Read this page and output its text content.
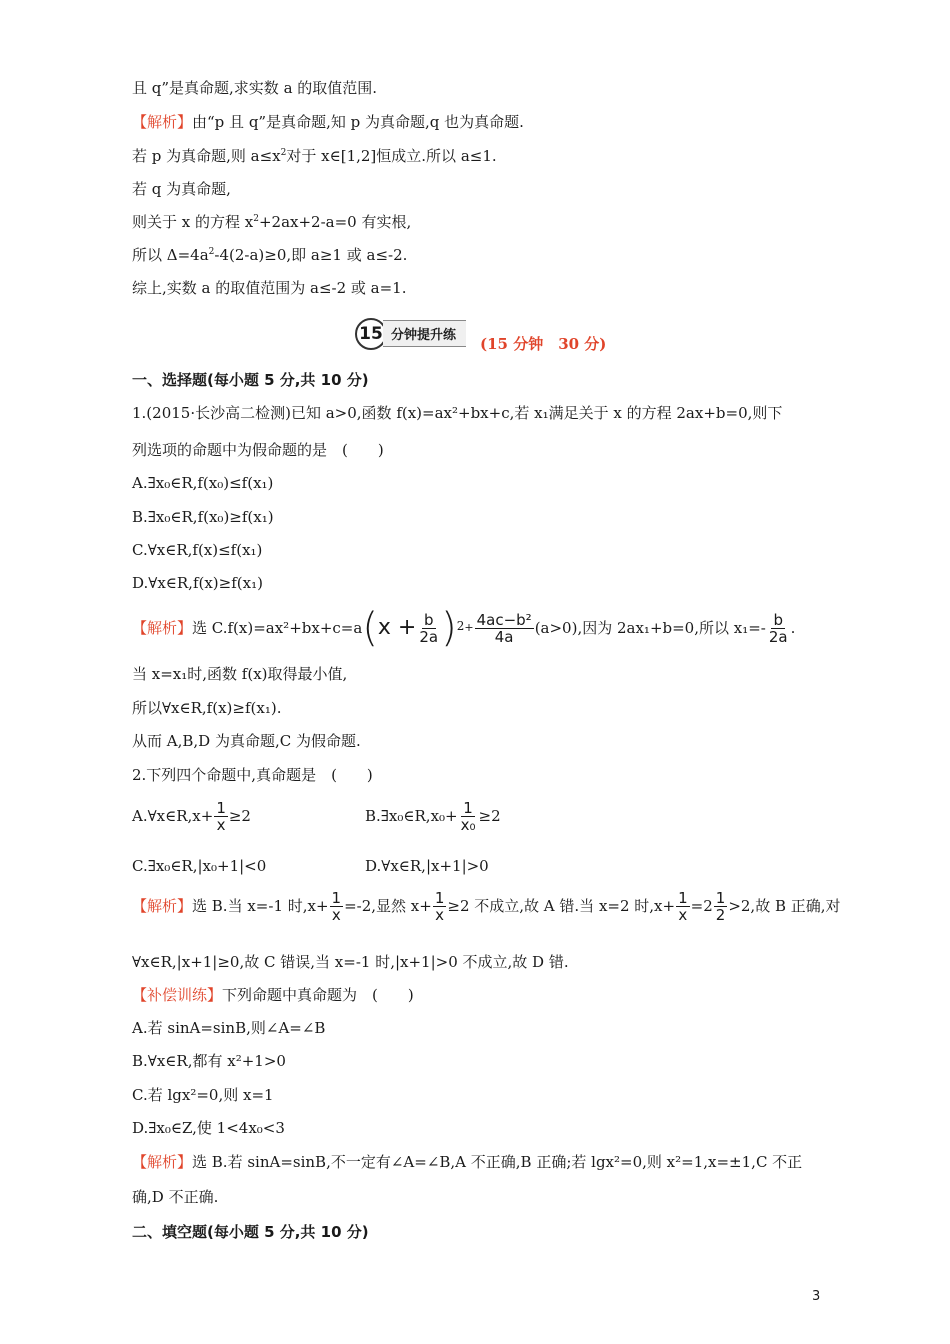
且 q”是真命题,求实数 a 的取值范围.
【解析】由“p 且 q”是真命题,知 p 为真命题,q 也为真命题.
若 p 为真命题,则 $a\le x^2$对于 x∈[1,2]恒成立.所以 a≤1.
若 q 为真命题,
则关于 x 的方程 $x^2+2ax+2-a=0$ 有实根,
所以 $\Delta=4a^2-4(2-a)\ge 0$,即 a≥1 或 a≤-2.
综上,实数 a 的取值范围为 a≤-2 或 a=1.
15 分钟提升练	(15 分钟　30 分)
一、选择题(每小题 5 分,共 10 分)
1.(2015·长沙高二检测)已知 a>0,函数 f(x)=ax²+bx+c,若 x₁满足关于 x 的方程 2ax+b=0,则下
列选项的命题中为假命题的是　(　　)
A.∃x₀∈R,f(x₀)≤f(x₁)
B.∃x₀∈R,f(x₀)≥f(x₁)
C.∀x∈R,f(x)≤f(x₁)
D.∀x∈R,f(x)≥f(x₁)
【解析】 选 C.f(x)=ax²+bx+c=a ( $x + \frac{b}{2a}$ ) $2 + \frac{\text{4ac−b²}}{4a} (a>0)$,因为 2ax₁+b=0,所以 $x_1=- \frac{b}{2a}$ .
当 x=x₁时,函数 f(x)取得最小值,
所以∀x∈R,f(x)≥f(x₁).
从而 A,B,D 为真命题,C 为假命题.
2.下列四个命题中,真命题是　(　　)
A.∀x∈R,x+ $\frac{1}{x} \ge 2$	B.∃x₀∈R,x₀+ $\frac{1}{\text{x₀}} \ge 2$
C.∃x₀∈R,|x₀+1|<0	D.∀x∈R,|x+1|>0
【解析】 选 B.当 x=-1 时$,x+ \frac{1}{x} =-2$,显然 $x+ \frac{1}{x} \ge 2$ 不成立,故 A 错.当 x=2 时$,x+ \frac{1}{x} =2 \frac{1}{2} >2$,故 B 正确,对
∀x∈R,|x+1|≥0,故 C 错误,当 x=-1 时,|x+1|>0 不成立,故 D 错.
【补偿训练】下列命题中真命题为　(　　)
A.若 sinA=sinB,则∠A=∠B
B.∀x∈R,都有 x²+1>0
C.若 lgx²=0,则 x=1
D.∃x₀∈Z,使 1<4x₀<3
【解析】选 B.若 sinA=sinB,不一定有∠A=∠B,A 不正确,B 正确;若 lgx²=0,则 x²=1,x=±1,C 不正
确,D 不正确.
二、填空题(每小题 5 分,共 10 分)
3
